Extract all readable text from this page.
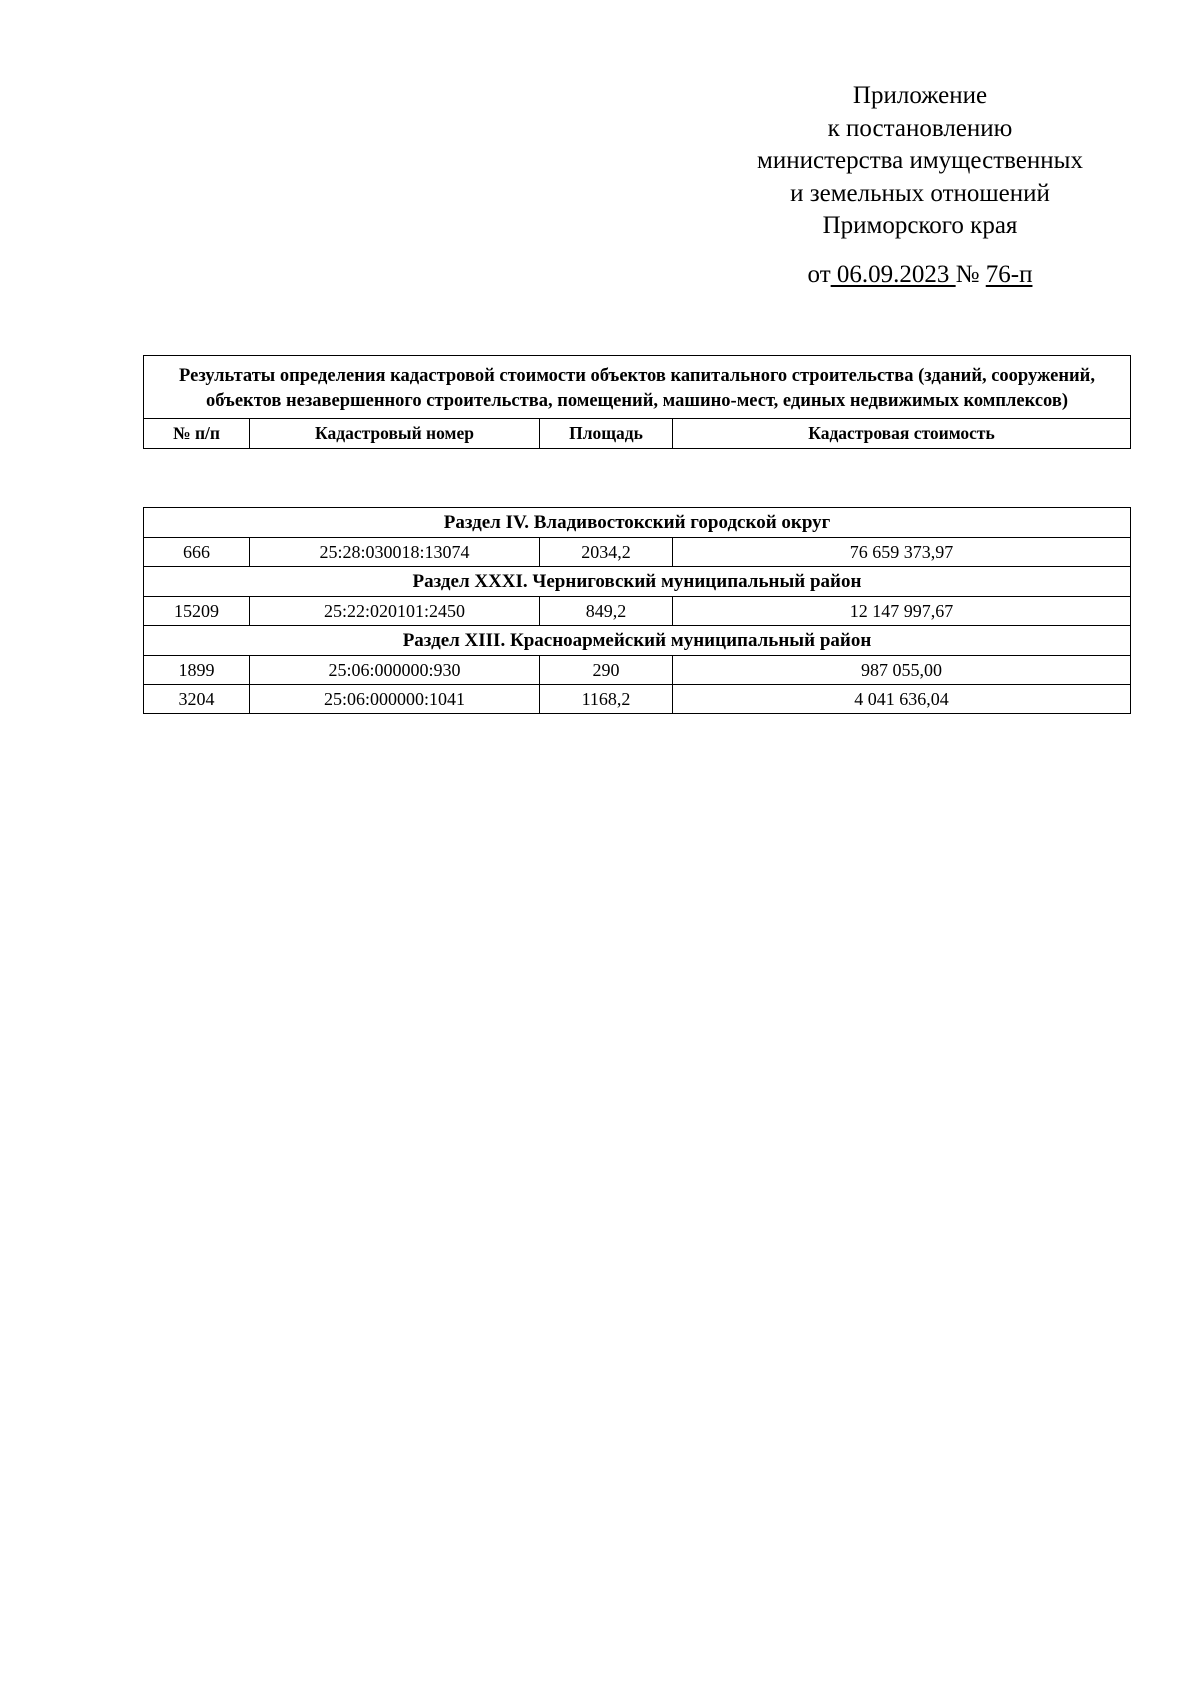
Приложение
к постановлению
министерства имущественных
и земельных отношений
Приморского края
от 06.09.2023 № 76-п
Результаты определения кадастровой стоимости объектов капитального строительства (зданий, сооружений, объектов незавершенного строительства, помещений, машино-мест, единых недвижимых комплексов)
№ п/п	Кадастровый номер	Площадь	Кадастровая стоимость
Раздел IV. Владивостокский городской округ			
666	25:28:030018:13074	2034,2	76 659 373,97
Раздел XXXI. Черниговский муниципальный район			
15209	25:22:020101:2450	849,2	12 147 997,67
Раздел XIII. Красноармейский муниципальный район			
1899	25:06:000000:930	290	987 055,00
3204	25:06:000000:1041	1168,2	4 041 636,04
